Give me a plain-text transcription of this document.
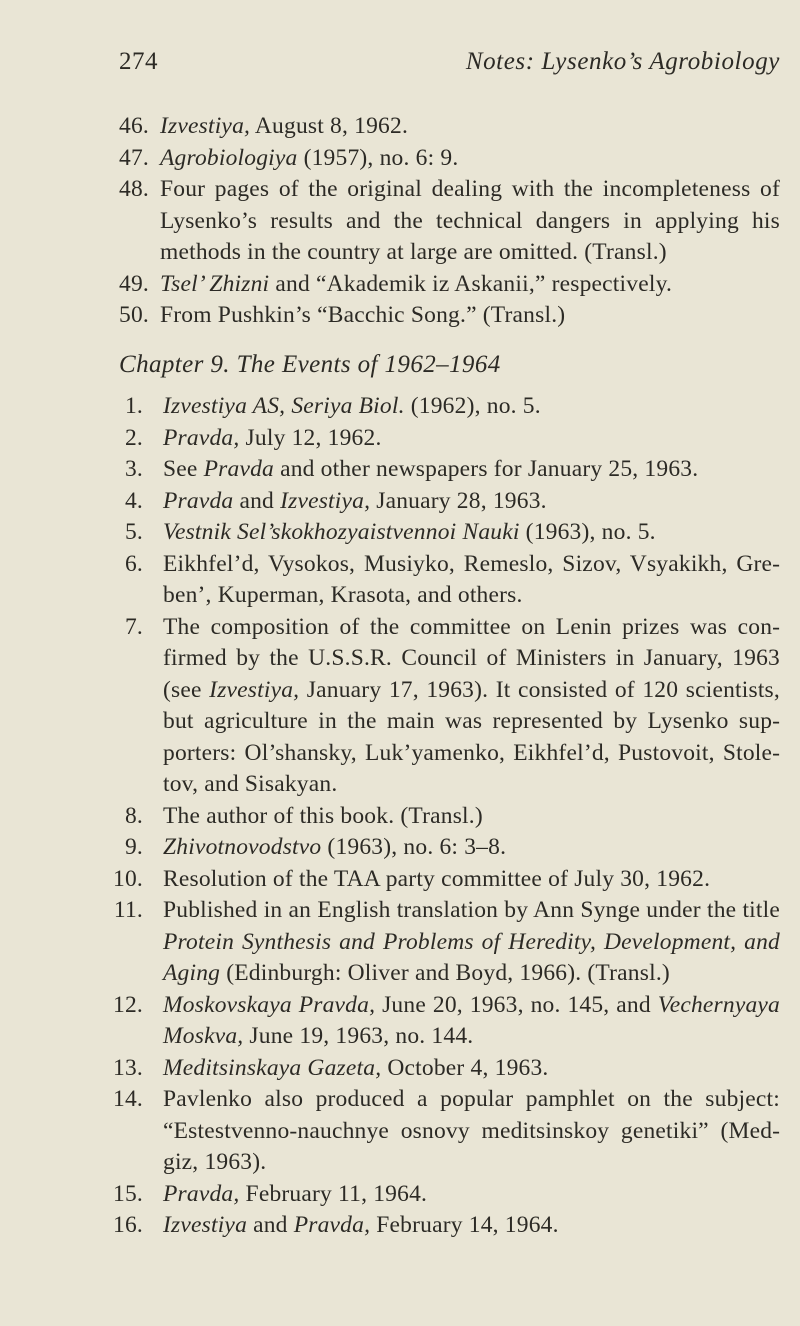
274	Notes: Lysenko’s Agrobiology
46. Izvestiya, August 8, 1962.
47. Agrobiologiya (1957), no. 6: 9.
48. Four pages of the original dealing with the incompleteness of Lysenko’s results and the technical dangers in applying his methods in the country at large are omitted. (Transl.)
49. Tsel’ Zhizni and “Akademik iz Askanii,” respectively.
50. From Pushkin’s “Bacchic Song.” (Transl.)
Chapter 9. The Events of 1962–1964
1. Izvestiya AS, Seriya Biol. (1962), no. 5.
2. Pravda, July 12, 1962.
3. See Pravda and other newspapers for January 25, 1963.
4. Pravda and Izvestiya, January 28, 1963.
5. Vestnik Sel’skokhozyaistvennoi Nauki (1963), no. 5.
6. Eikhfel’d, Vysokos, Musiyko, Remeslo, Sizov, Vsyakikh, Greben’, Kuperman, Krasota, and others.
7. The composition of the committee on Lenin prizes was confirmed by the U.S.S.R. Council of Ministers in January, 1963 (see Izvestiya, January 17, 1963). It consisted of 120 scientists, but agriculture in the main was represented by Lysenko supporters: Ol’shansky, Luk’yamenko, Eikhfel’d, Pustovoit, Stoletov, and Sisakyan.
8. The author of this book. (Transl.)
9. Zhivotnovodstvo (1963), no. 6: 3–8.
10. Resolution of the TAA party committee of July 30, 1962.
11. Published in an English translation by Ann Synge under the title Protein Synthesis and Problems of Heredity, Development, and Aging (Edinburgh: Oliver and Boyd, 1966). (Transl.)
12. Moskovskaya Pravda, June 20, 1963, no. 145, and Vechernyaya Moskva, June 19, 1963, no. 144.
13. Meditsinskaya Gazeta, October 4, 1963.
14. Pavlenko also produced a popular pamphlet on the subject: “Estestvenno-nauchnye osnovy meditsinskoy genetiki” (Medgiz, 1963).
15. Pravda, February 11, 1964.
16. Izvestiya and Pravda, February 14, 1964.
